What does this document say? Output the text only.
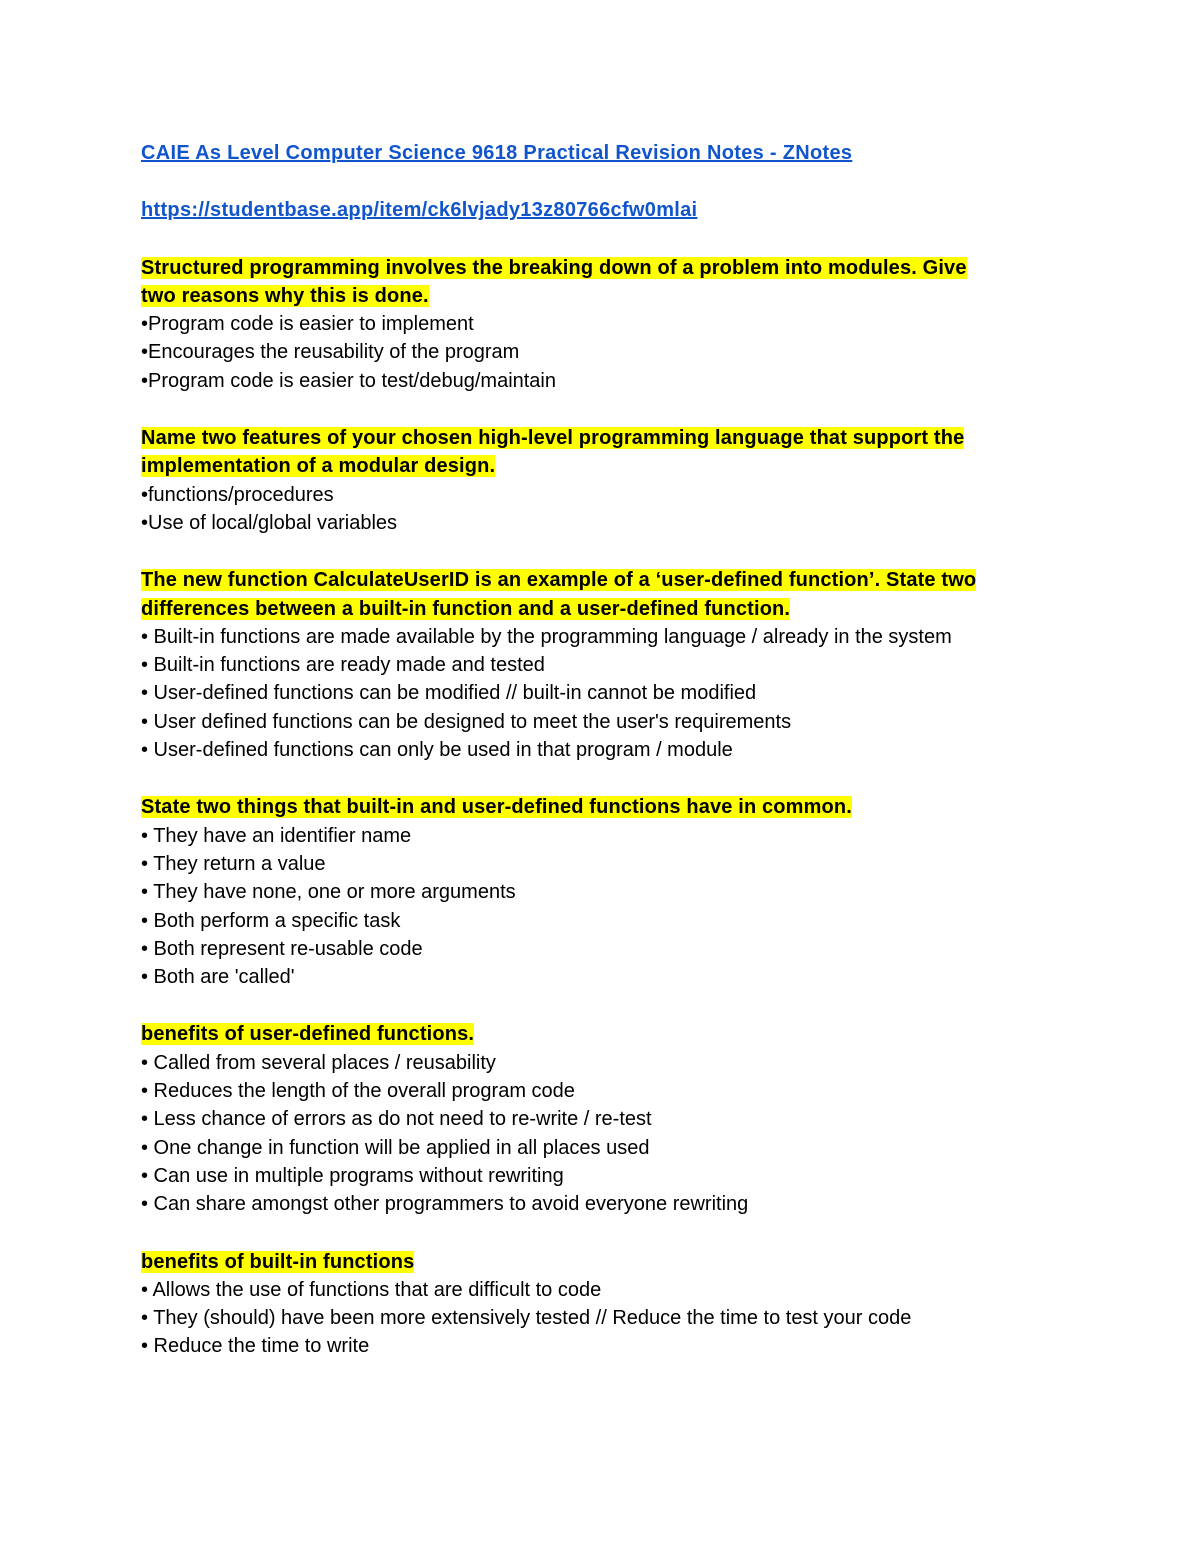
CAIE As Level Computer Science 9618 Practical Revision Notes - ZNotes
https://studentbase.app/item/ck6lvjady13z80766cfw0mlai
Structured programming involves the breaking down of a problem into modules. Give
two reasons why this is done.
•Program code is easier to implement
•Encourages the reusability of the program
•Program code is easier to test/debug/maintain
Name two features of your chosen high-level programming language that support the
implementation of a modular design.
•functions/procedures
•Use of local/global variables
The new function CalculateUserID is an example of a ‘user-defined function’. State two
differences between a built-in function and a user-defined function.
• Built-in functions are made available by the programming language / already in the system
• Built-in functions are ready made and tested
• User-defined functions can be modified // built-in cannot be modified
• User defined functions can be designed to meet the user's requirements
• User-defined functions can only be used in that program / module
State two things that built-in and user-defined functions have in common.
• They have an identifier name
• They return a value
• They have none, one or more arguments
• Both perform a specific task
• Both represent re-usable code
• Both are 'called'
benefits of user-defined functions.
• Called from several places / reusability
• Reduces the length of the overall program code
• Less chance of errors as do not need to re-write / re-test
• One change in function will be applied in all places used
• Can use in multiple programs without rewriting
• Can share amongst other programmers to avoid everyone rewriting
benefits of built-in functions
• Allows the use of functions that are difficult to code
• They (should) have been more extensively tested // Reduce the time to test your code
• Reduce the time to write
